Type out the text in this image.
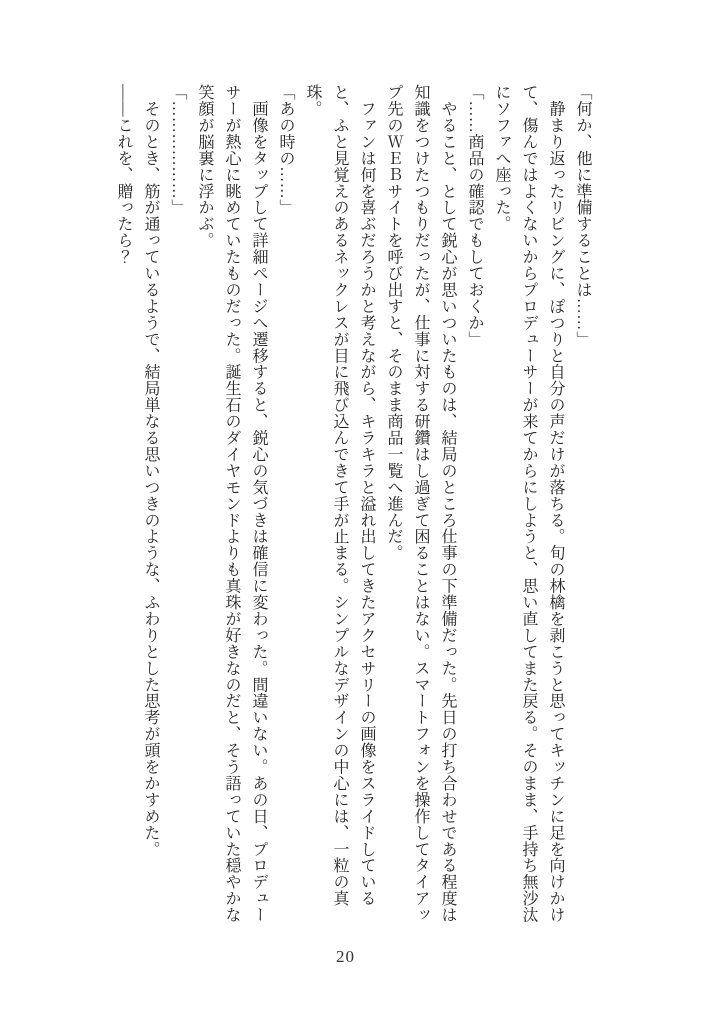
「何か、他に準備することは……」

　静まり返ったリビングに、ぽつりと自分の声だけが落ちる。旬の林檎を剥こうと思ってキッチンに足を向けかけて、傷んではよくないからプロデューサーが来てからにしようと、思い直してまた戻る。そのまま、手持ち無沙汰にソファへ座った。

「……商品の確認でもしておくか」

　やること、として鋭心が思いついたものは、結局のところ仕事の下準備だった。先日の打ち合わせである程度は知識をつけたつもりだったが、仕事に対する研鑽はし過ぎて困ることはない。スマートフォンを操作してタイアップ先のＷＥＢサイトを呼び出すと、そのまま商品一覧へ進んだ。

　ファンは何を喜ぶだろうかと考えながら、キラキラと溢れ出してきたアクセサリーの画像をスライドしていると、ふと見覚えのあるネックレスが目に飛び込んできて手が止まる。シンプルなデザインの中心には、一粒の真珠。

「あの時の……」

　画像をタップして詳細ページへ遷移すると、鋭心の気づきは確信に変わった。間違いない。あの日、プロデューサーが熱心に眺めていたものだった。誕生石のダイヤモンドよりも真珠が好きなのだと、そう語っていた穏やかな笑顔が脳裏に浮かぶ。

「………………」

　そのとき、筋が通っているようで、結局単なる思いつきのような、ふわりとした思考が頭をかすめた。

――これを、贈ったら？

20
